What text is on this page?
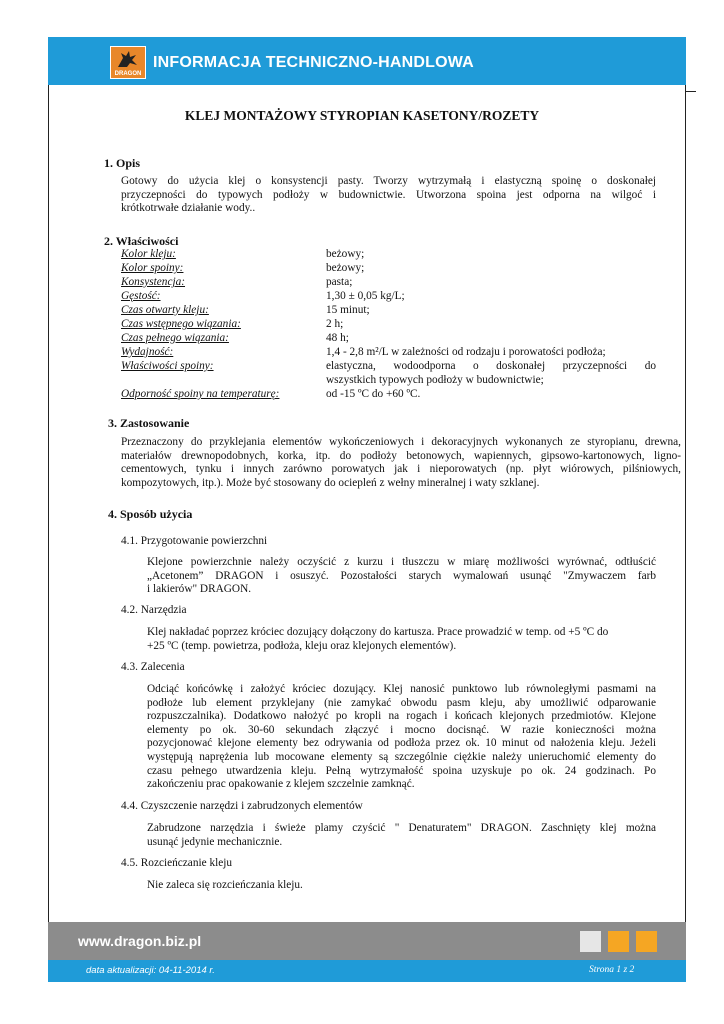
DRAGON
INFORMACJA TECHNICZNO-HANDLOWA
KLEJ MONTAŻOWY STYROPIAN KASETONY/ROZETY
1. Opis
Gotowy do użycia klej o konsystencji pasty. Tworzy wytrzymałą i elastyczną spoinę o doskonałej
przyczepności do typowych podłoży w budownictwie. Utworzona spoina jest odporna na wilgoć i
krótkotrwałe działanie wody..
2. Właściwości
Kolor kleju:	beżowy;
Kolor spoiny:	beżowy;
Konsystencja:	pasta;
Gęstość:	1,30 ± 0,05 kg/L;
Czas otwarty kleju:	15 minut;
Czas wstępnego wiązania:	2 h;
Czas pełnego wiązania:	48 h;
Wydajność:	1,4 - 2,8 m²/L w zależności od rodzaju i porowatości podłoża;
Właściwości spoiny:	elastyczna, wodoodporna o doskonałej przyczepności do
wszystkich typowych podłoży w budownictwie;
Odporność spoiny na temperaturę:	od -15 ºC do +60 ºC.
3. Zastosowanie
Przeznaczony do przyklejania elementów wykończeniowych i dekoracyjnych wykonanych ze styropianu, drewna,
materiałów drewnopodobnych, korka, itp. do podłoży betonowych, wapiennych, gipsowo-kartonowych, ligno-
cementowych, tynku i innych zarówno porowatych jak i nieporowatych (np. płyt wiórowych, pilśniowych,
kompozytowych, itp.). Może być stosowany do ociepleń z wełny mineralnej i waty szklanej.
4. Sposób użycia
4.1. Przygotowanie powierzchni
Klejone powierzchnie należy oczyścić z kurzu i tłuszczu w miarę możliwości wyrównać, odtłuścić
„Acetonem” DRAGON i osuszyć. Pozostałości starych wymalowań usunąć "Zmywaczem farb
i lakierów" DRAGON.
4.2. Narzędzia
Klej nakładać poprzez króciec dozujący dołączony do kartusza. Prace prowadzić w temp. od +5 ºC do
+25 ºC (temp. powietrza, podłoża, kleju oraz klejonych elementów).
4.3. Zalecenia
Odciąć końcówkę i założyć króciec dozujący. Klej nanosić punktowo lub równoległymi pasmami na
podłoże lub element przyklejany (nie zamykać obwodu pasm kleju, aby umożliwić odparowanie
rozpuszczalnika). Dodatkowo nałożyć po kropli na rogach i końcach klejonych przedmiotów. Klejone
elementy po ok. 30-60 sekundach złączyć i mocno docisnąć. W razie konieczności można
pozycjonować klejone elementy bez odrywania od podłoża przez ok. 10 minut od nałożenia kleju. Jeżeli
występują naprężenia lub mocowane elementy są szczególnie ciężkie należy unieruchomić elementy do
czasu pełnego utwardzenia kleju. Pełną wytrzymałość spoina uzyskuje po ok. 24 godzinach. Po
zakończeniu prac opakowanie z klejem szczelnie zamknąć.
4.4. Czyszczenie narzędzi i zabrudzonych elementów
Zabrudzone narzędzia i świeże plamy czyścić " Denaturatem" DRAGON. Zaschnięty klej można
usunąć jedynie mechanicznie.
4.5. Rozcieńczanie kleju
Nie zaleca się rozcieńczania kleju.
www.dragon.biz.pl
data aktualizacji: 04-11-2014 r.	Strona 1 z 2
